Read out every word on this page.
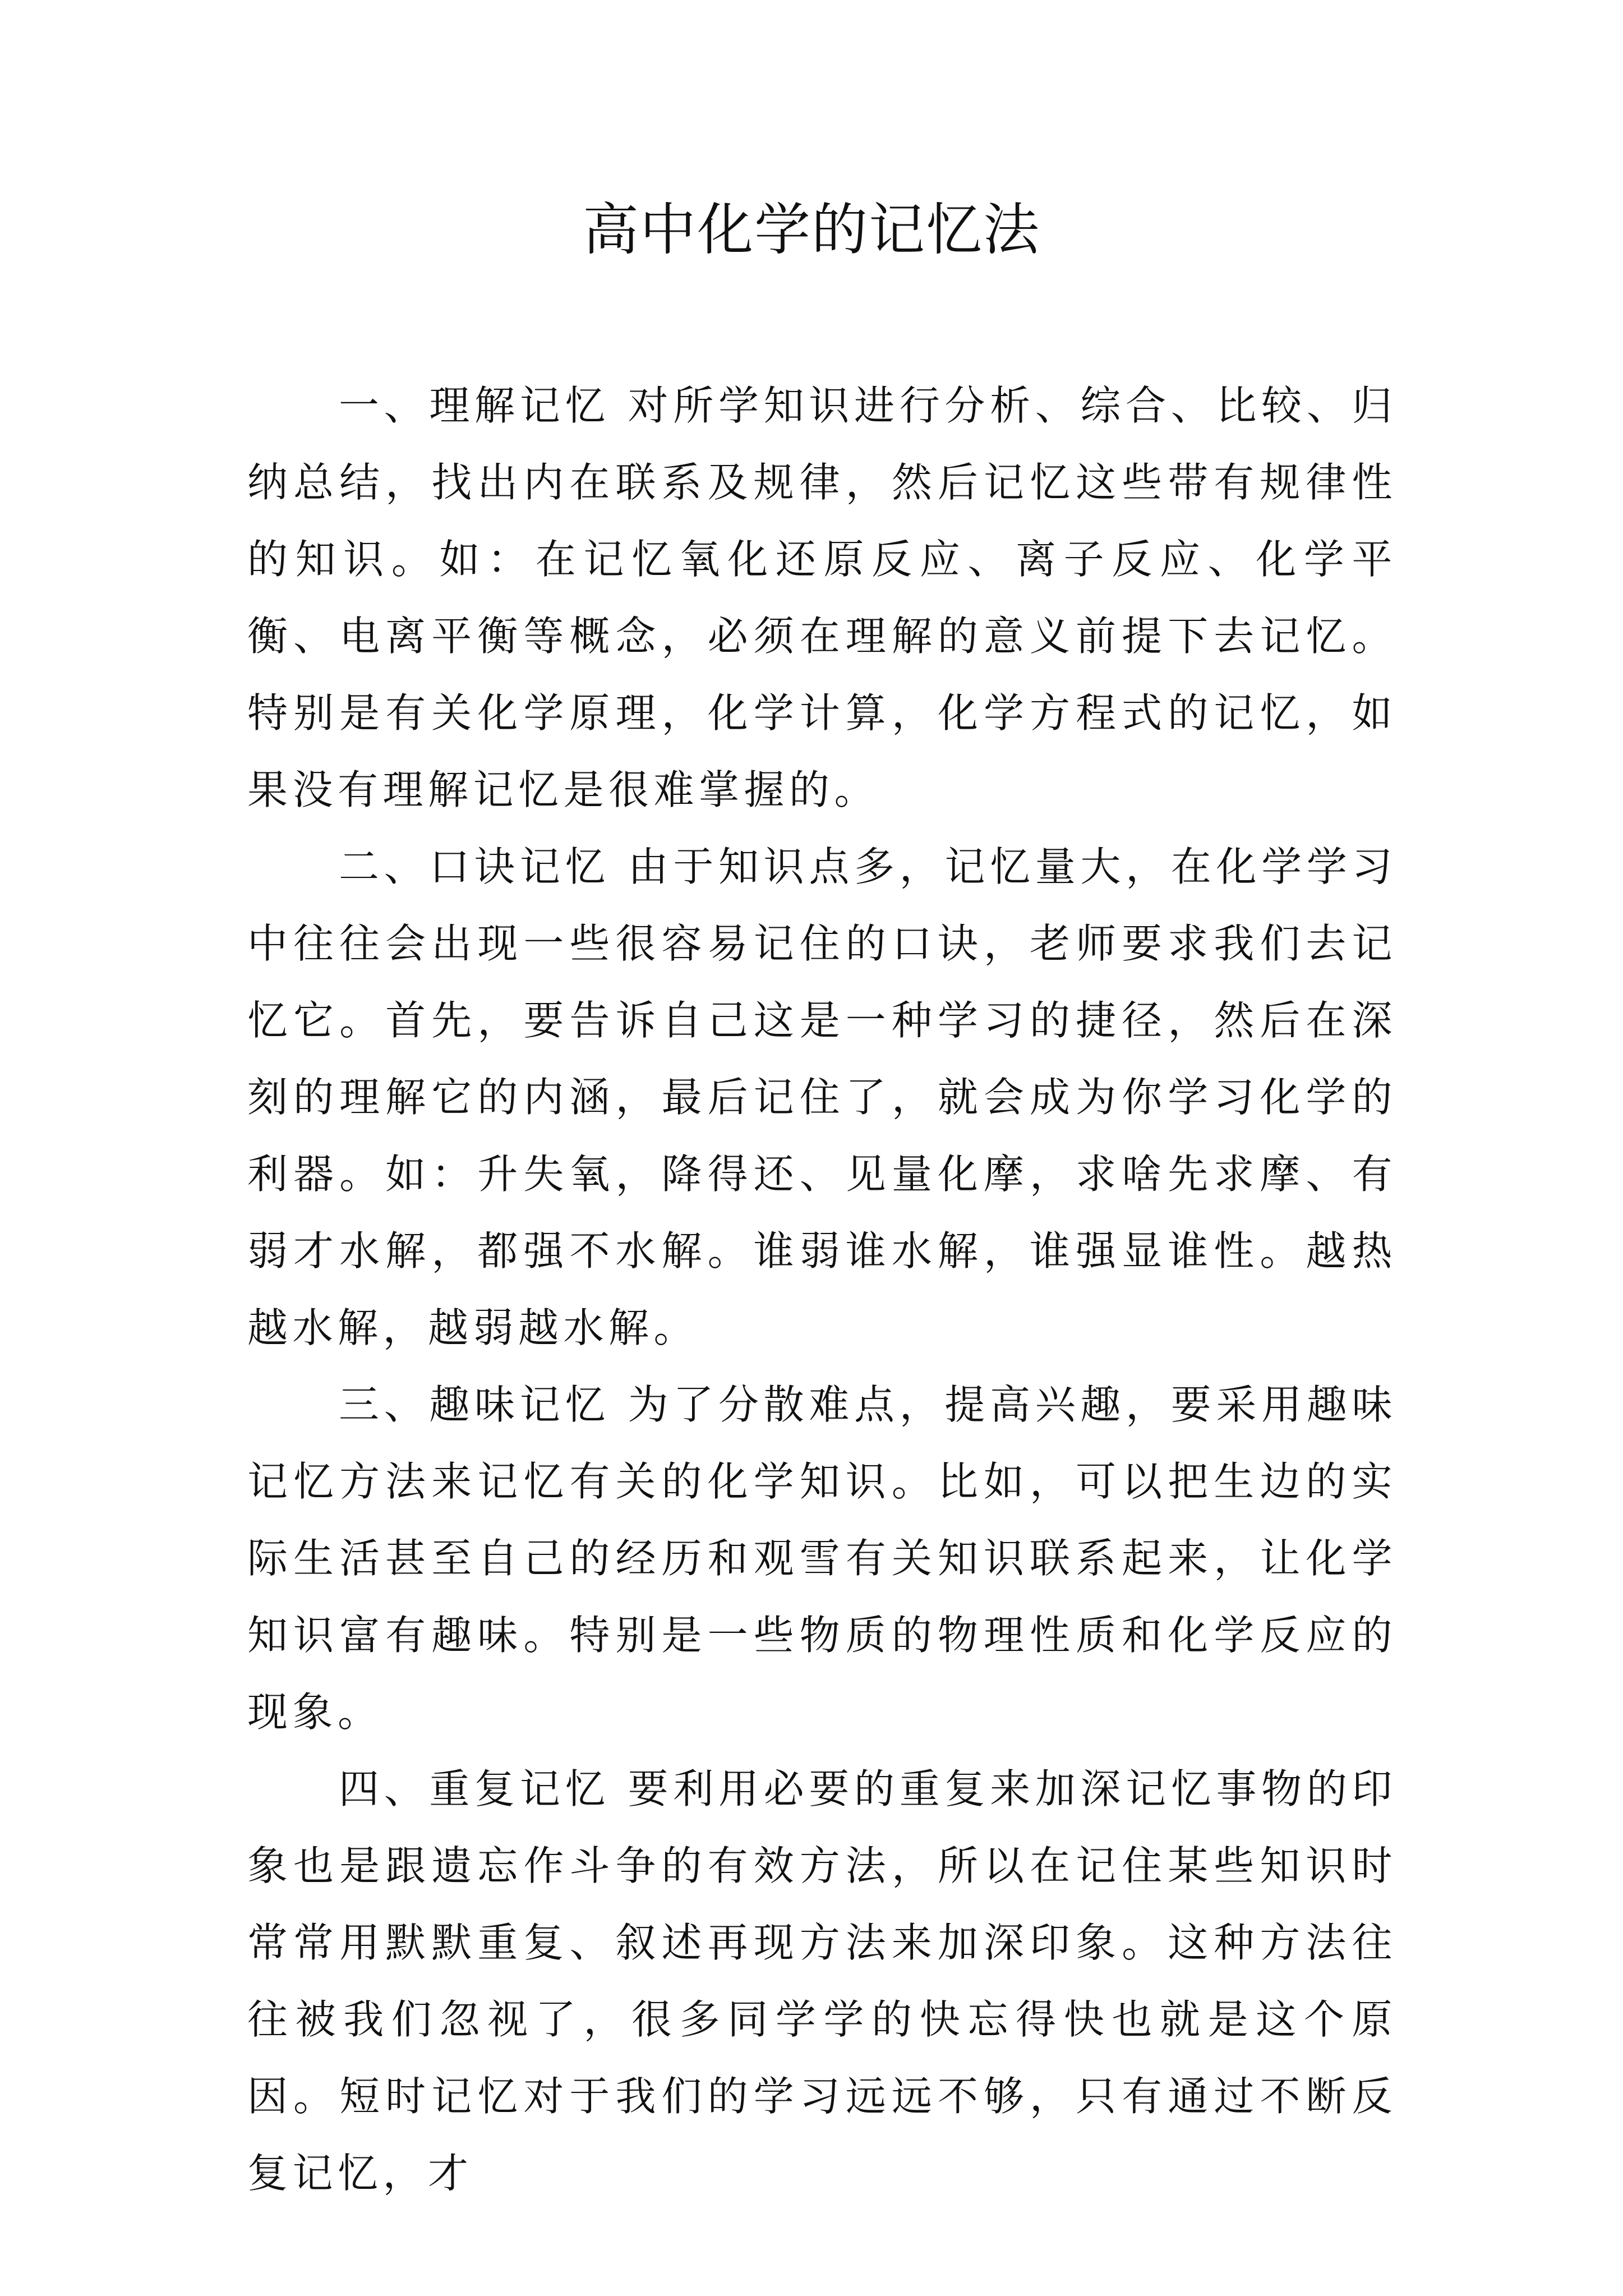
高中化学的记忆法

一、理解记忆 对所学知识进行分析、综合、比较、归纳总结，找出内在联系及规律，然后记忆这些带有规律性的知识。如：在记忆氧化还原反应、离子反应、化学平衡、电离平衡等概念，必须在理解的意义前提下去记忆。特别是有关化学原理，化学计算，化学方程式的记忆，如果没有理解记忆是很难掌握的。

二、口诀记忆 由于知识点多，记忆量大，在化学学习中往往会出现一些很容易记住的口诀，老师要求我们去记忆它。首先，要告诉自己这是一种学习的捷径，然后在深刻的理解它的内涵，最后记住了，就会成为你学习化学的利器。如：升失氧，降得还、见量化摩，求啥先求摩、有弱才水解，都强不水解。谁弱谁水解，谁强显谁性。越热越水解，越弱越水解。

三、趣味记忆 为了分散难点，提高兴趣，要采用趣味记忆方法来记忆有关的化学知识。比如，可以把生边的实际生活甚至自己的经历和观雪有关知识联系起来，让化学知识富有趣味。特别是一些物质的物理性质和化学反应的现象。

四、重复记忆 要利用必要的重复来加深记忆事物的印象也是跟遗忘作斗争的有效方法，所以在记住某些知识时常常用默默重复、叙述再现方法来加深印象。这种方法往往被我们忽视了，很多同学学的快忘得快也就是这个原因。短时记忆对于我们的学习远远不够，只有通过不断反复记忆，才
